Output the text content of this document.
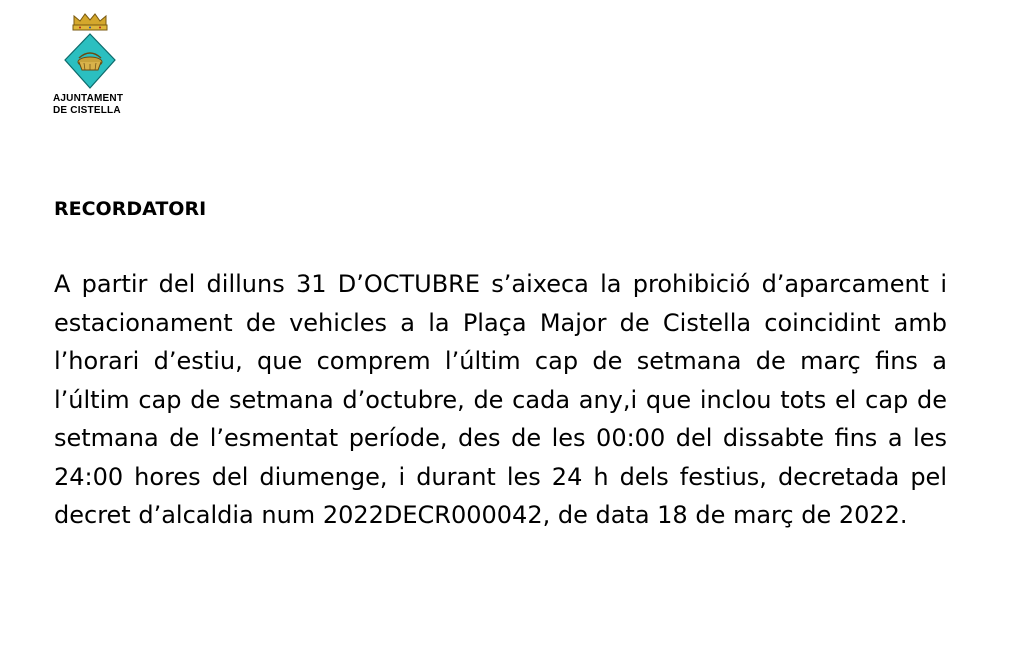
AJUNTAMENT
DE CISTELLA
RECORDATORI

A partir del dilluns 31 D’OCTUBRE s’aixeca la prohibició d’aparcament i estacionament de vehicles a la Plaça Major de Cistella coincidint amb l’horari d’estiu, que comprem l’últim cap de setmana de març fins a l’últim cap de setmana d’octubre, de cada any,i que inclou tots el cap de setmana de l’esmentat període, des de les 00:00 del dissabte fins a les 24:00 hores del diumenge, i durant les 24 h dels festius, decretada pel decret d’alcaldia num 2022DECR000042, de data 18 de març de 2022.
